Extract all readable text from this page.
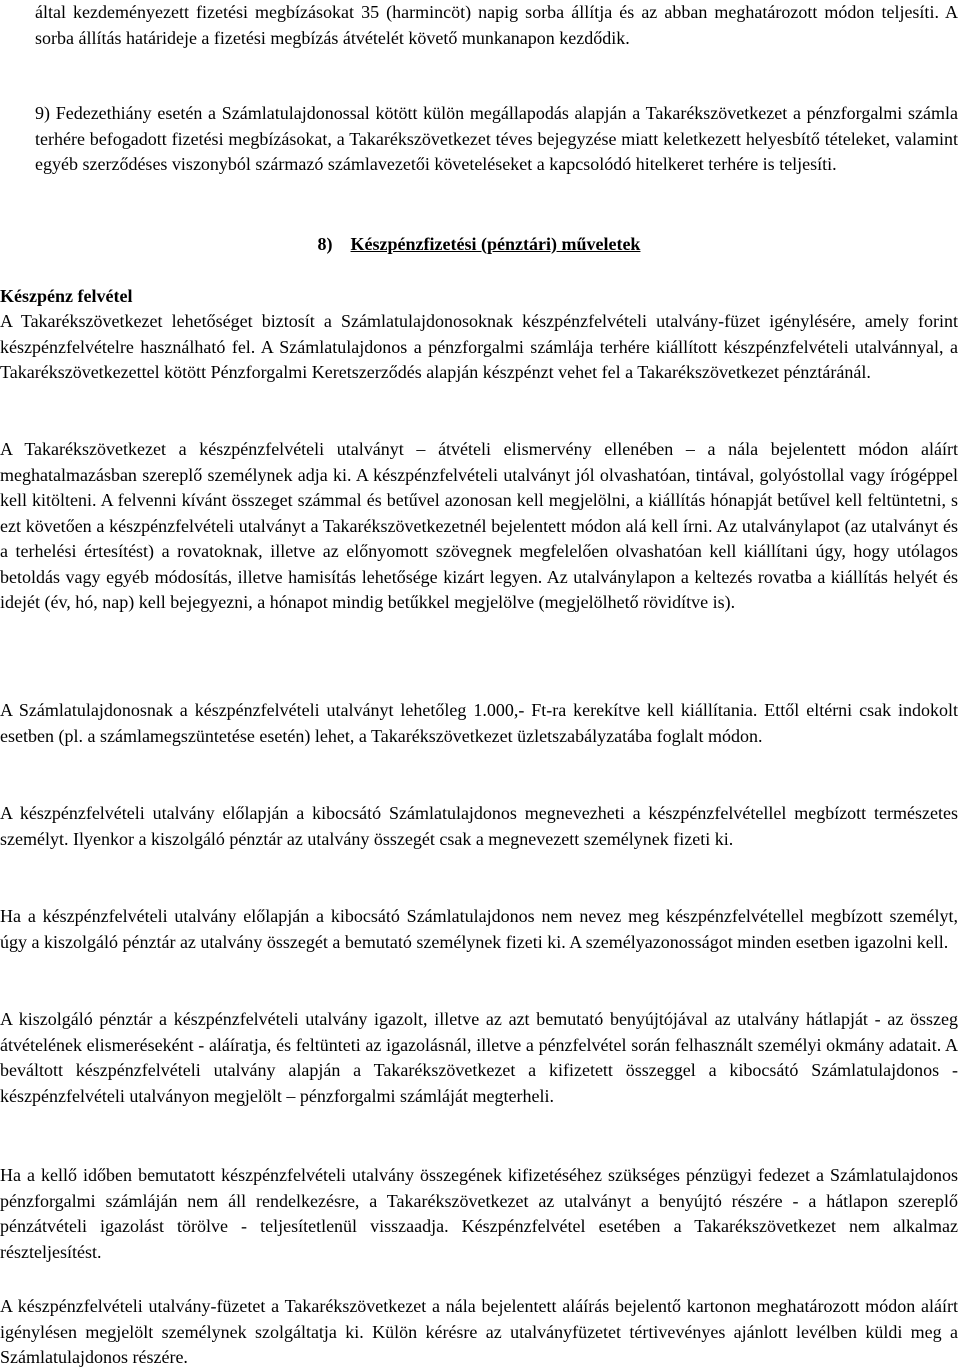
által kezdeményezett fizetési megbízásokat 35 (harmincöt) napig sorba állítja és az abban meghatározott módon teljesíti. A sorba állítás határideje a fizetési megbízás átvételét követő munkanapon kezdődik.

9) Fedezethiány esetén a Számlatulajdonossal kötött külön megállapodás alapján a Takarékszövetkezet a pénzforgalmi számla terhére befogadott fizetési megbízásokat, a Takarékszövetkezet téves bejegyzése miatt keletkezett helyesbítő tételeket, valamint egyéb szerződéses viszonyból származó számlavezetői követeléseket a kapcsolódó hitelkeret terhére is teljesíti.

8) Készpénzfizetési (pénztári) műveletek

Készpénz felvétel

A Takarékszövetkezet lehetőséget biztosít a Számlatulajdonosoknak készpénzfelvételi utalvány-füzet igénylésére, amely forint készpénzfelvételre használható fel. A Számlatulajdonos a pénzforgalmi számlája terhére kiállított készpénzfelvételi utalvánnyal, a Takarékszövetkezettel kötött Pénzforgalmi Keretszerződés alapján készpénzt vehet fel a Takarékszövetkezet pénztáránál.

A Takarékszövetkezet a készpénzfelvételi utalványt – átvételi elismervény ellenében – a nála bejelentett módon aláírt meghatalmazásban szereplő személynek adja ki. A készpénzfelvételi utalványt jól olvashatóan, tintával, golyóstollal vagy írógéppel kell kitölteni. A felvenni kívánt összeget számmal és betűvel azonosan kell megjelölni, a kiállítás hónapját betűvel kell feltüntetni, s ezt követően a készpénzfelvételi utalványt a Takarékszövetkezetnél bejelentett módon alá kell írni. Az utalványlapot (az utalványt és a terhelési értesítést) a rovatoknak, illetve az előnyomott szövegnek megfelelően olvashatóan kell kiállítani úgy, hogy utólagos betoldás vagy egyéb módosítás, illetve hamisítás lehetősége kizárt legyen. Az utalványlapon a keltezés rovatba a kiállítás helyét és idejét (év, hó, nap) kell bejegyezni, a hónapot mindig betűkkel megjelölve (megjelölhető rövidítve is).

A Számlatulajdonosnak a készpénzfelvételi utalványt lehetőleg 1.000,- Ft-ra kerekítve kell kiállítania. Ettől eltérni csak indokolt esetben (pl. a számlamegszüntetése esetén) lehet, a Takarékszövetkezet üzletszabályzatába foglalt módon.

A készpénzfelvételi utalvány előlapján a kibocsátó Számlatulajdonos megnevezheti a készpénzfelvétellel megbízott természetes személyt. Ilyenkor a kiszolgáló pénztár az utalvány összegét csak a megnevezett személynek fizeti ki.

Ha a készpénzfelvételi utalvány előlapján a kibocsátó Számlatulajdonos nem nevez meg készpénzfelvétellel megbízott személyt, úgy a kiszolgáló pénztár az utalvány összegét a bemutató személynek fizeti ki. A személyazonosságot minden esetben igazolni kell.

A kiszolgáló pénztár a készpénzfelvételi utalvány igazolt, illetve az azt bemutató benyújtójával az utalvány hátlapját - az összeg átvételének elismeréseként - aláíratja, és feltünteti az igazolásnál, illetve a pénzfelvétel során felhasznált személyi okmány adatait. A beváltott készpénzfelvételi utalvány alapján a Takarékszövetkezet a kifizetett összeggel a kibocsátó Számlatulajdonos - készpénzfelvételi utalványon megjelölt – pénzforgalmi számláját megterheli.

Ha a kellő időben bemutatott készpénzfelvételi utalvány összegének kifizetéséhez szükséges pénzügyi fedezet a Számlatulajdonos pénzforgalmi számláján nem áll rendelkezésre, a Takarékszövetkezet az utalványt a benyújtó részére - a hátlapon szereplő pénzátvételi igazolást törölve - teljesítetlenül visszaadja. Készpénzfelvétel esetében a Takarékszövetkezet nem alkalmaz részteljesítést.

A készpénzfelvételi utalvány-füzetet a Takarékszövetkezet a nála bejelentett aláírás bejelentő kartonon meghatározott módon aláírt igénylésen megjelölt személynek szolgáltatja ki. Külön kérésre az utalványfüzetet tértivevényes ajánlott levélben küldi meg a Számlatulajdonos részére.
